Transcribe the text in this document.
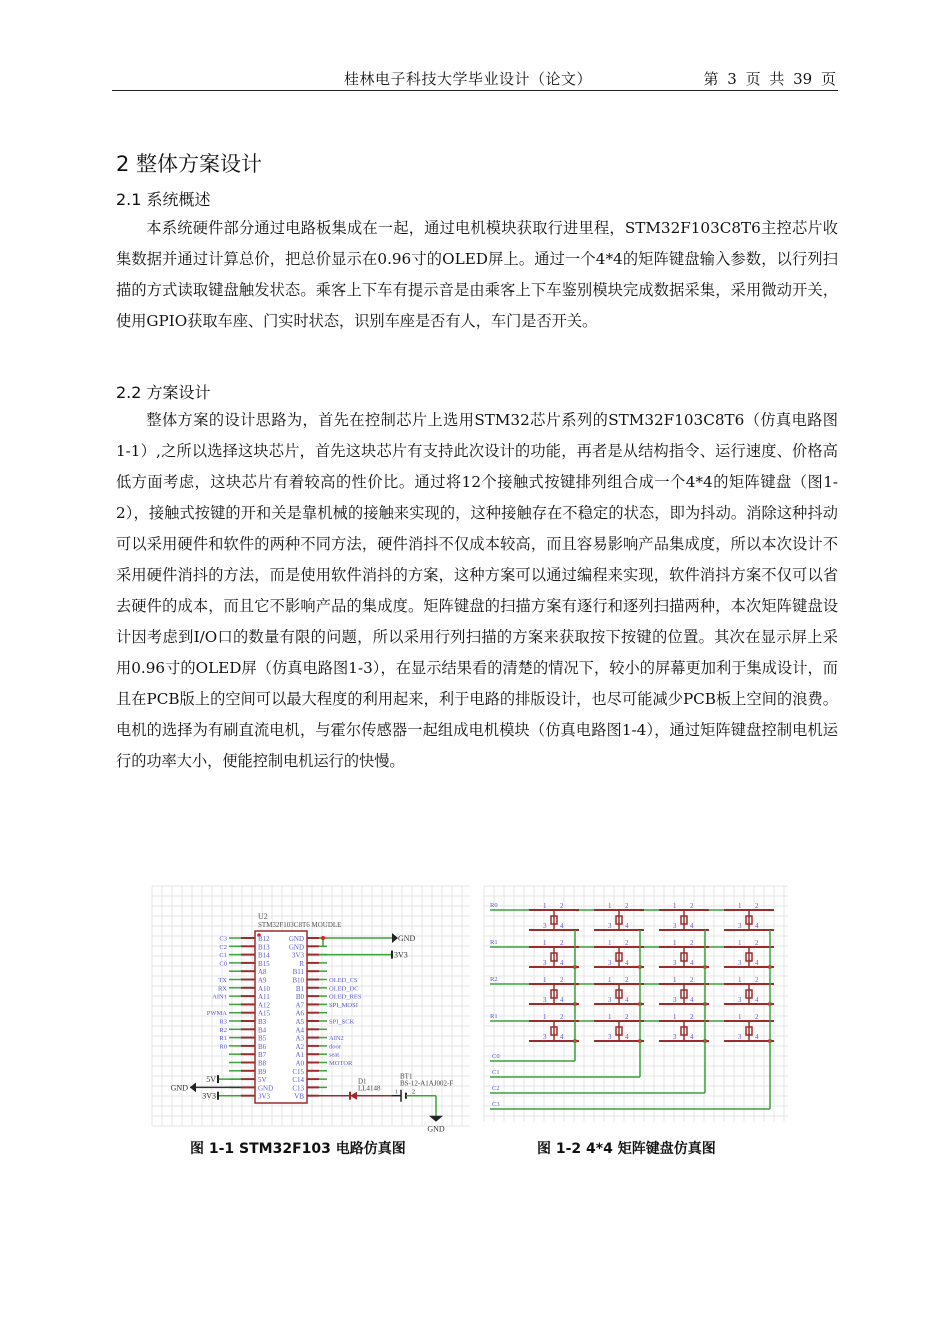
桂林电子科技大学毕业设计（论文）	第 3 页 共 39 页
2 整体方案设计
2.1 系统概述

本系统硬件部分通过电路板集成在一起，通过电机模块获取行进里程，STM32F103C8T6主控芯片收集数据并通过计算总价，把总价显示在0.96寸的OLED屏上。通过一个4*4的矩阵键盘输入参数，以行列扫描的方式读取键盘触发状态。乘客上下车有提示音是由乘客上下车鉴别模块完成数据采集，采用微动开关，使用GPIO获取车座、门实时状态，识别车座是否有人，车门是否开关。

2.2 方案设计

整体方案的设计思路为，首先在控制芯片上选用STM32芯片系列的STM32F103C8T6（仿真电路图1-1）,之所以选择这块芯片，首先这块芯片有支持此次设计的功能，再者是从结构指令、运行速度、价格高低方面考虑，这块芯片有着较高的性价比。通过将12个接触式按键排列组合成一个4*4的矩阵键盘（图1-2），接触式按键的开和关是靠机械的接触来实现的，这种接触存在不稳定的状态，即为抖动。消除这种抖动可以采用硬件和软件的两种不同方法，硬件消抖不仅成本较高，而且容易影响产品集成度，所以本次设计不采用硬件消抖的方法，而是使用软件消抖的方案，这种方案可以通过编程来实现，软件消抖方案不仅可以省去硬件的成本，而且它不影响产品的集成度。矩阵键盘的扫描方案有逐行和逐列扫描两种，本次矩阵键盘设计因考虑到I/O口的数量有限的问题，所以采用行列扫描的方案来获取按下按键的位置。其次在显示屏上采用0.96寸的OLED屏（仿真电路图1-3），在显示结果看的清楚的情况下，较小的屏幕更加利于集成设计，而且在PCB版上的空间可以最大程度的利用起来，利于电路的排版设计，也尽可能减少PCB板上空间的浪费。电机的选择为有刷直流电机，与霍尔传感器一起组成电机模块（仿真电路图1-4），通过矩阵键盘控制电机运行的功率大小，便能控制电机运行的快慢。

U2
STM32F103C8T6 MOUDLE
B12
C3
B13
C2
B14
C1
B15
C0
A8
A9
TX
A10
RX
A11
AIN1
A12
A15
PWMA
B3
R3
B4
R2
B5
R1
B6
R0
B7
B8
B9
5V
GND
3V3
GND
GND
3V3
R
B11
B10	OLED_CS
B1	OLED_DC
B0	OLED_RES
A7	SPI_MOSI
A6
A5	SPI_SCK
A4
A3	AIN2
A2	door
A1	seat
A0	MOTOR
C15
C14
C13
VB
GND
3V3
5V
3V3
GND
D1
LL4148
BT1
BS-12-A1AJ002-F
1 2
GND
图 1-1 STM32F103 电路仿真图
R0	1 2
3 4
1 2
3 4
1 2
3 4
1 2
3 4
R1	1 2
3 4
1 2
3 4
1 2
3 4
1 2
3 4
R2	1 2
3 4
1 2
3 4
1 2
3 4
1 2
3 4
R1	1 2
3 4
1 2
3 4
1 2
3 4
1 2
3 4
C0
C1
C2
C3
图 1-2 4*4 矩阵键盘仿真图
